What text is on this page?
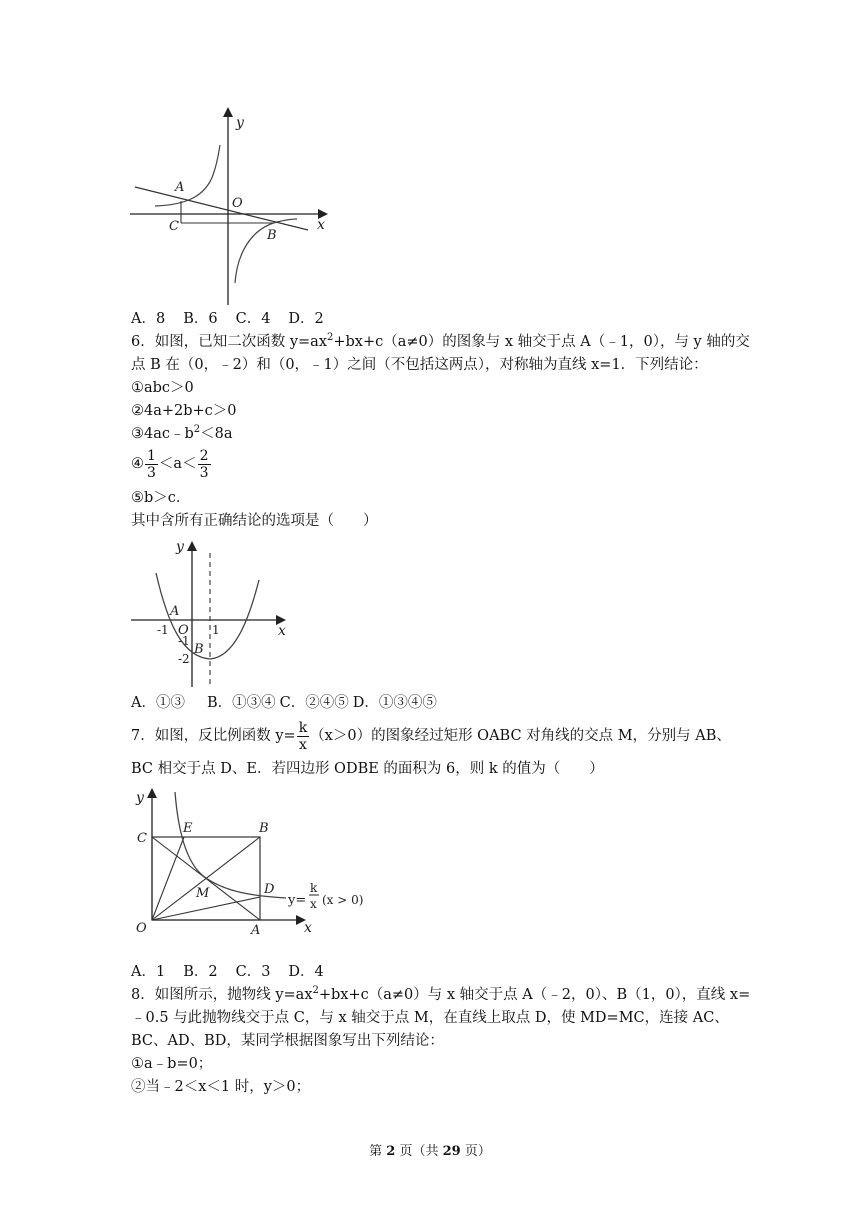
y
x
A
O
C
B
A．8 B．6 C．4 D．2
6．如图，已知二次函数 $y=ax^2+bx+c(a\ne 0)$的图象与 x 轴交于点 A（﹣1，0），与 y 轴的交
点 B 在（0，﹣2）和（0，﹣1）之间（不包括这两点），对称轴为直线 x=1．下列结论：
①abc＞0
②4a+2b+c＞0
$③4ac﹣b^2<8a$
④ $\frac{1}{3} <a< \frac{2}{3}$
⑤b＞c．
其中含所有正确结论的选项是（　　）
y
x
A
-1 O 1
-1
B
-2
A．①③ B．①③④ C．②④⑤ D．①③④⑤
7．如图，反比例函数 $y= \frac{k}{x} (x>0)$的图象经过矩形 OABC 对角线的交点 M，分别与 AB、
BC 相交于点 D、E．若四边形 ODBE 的面积为 6，则 k 的值为（　　）
y
x
C
E	B
M	D
O	A
y=
k
x (x > 0)
A．1 B．2 C．3 D．4
8．如图所示，抛物线 $y=ax^2+bx+c(a\ne 0)$与 x 轴交于点 A（﹣2，0）、B（1，0），直线 x=
﹣0.5 与此抛物线交于点 C，与 x 轴交于点 M，在直线上取点 D，使 MD=MC，连接 AC、
BC、AD、BD，某同学根据图象写出下列结论：
①a﹣b=0；
②当﹣2＜x＜1 时，y＞0；
第 2 页（共 29 页）
